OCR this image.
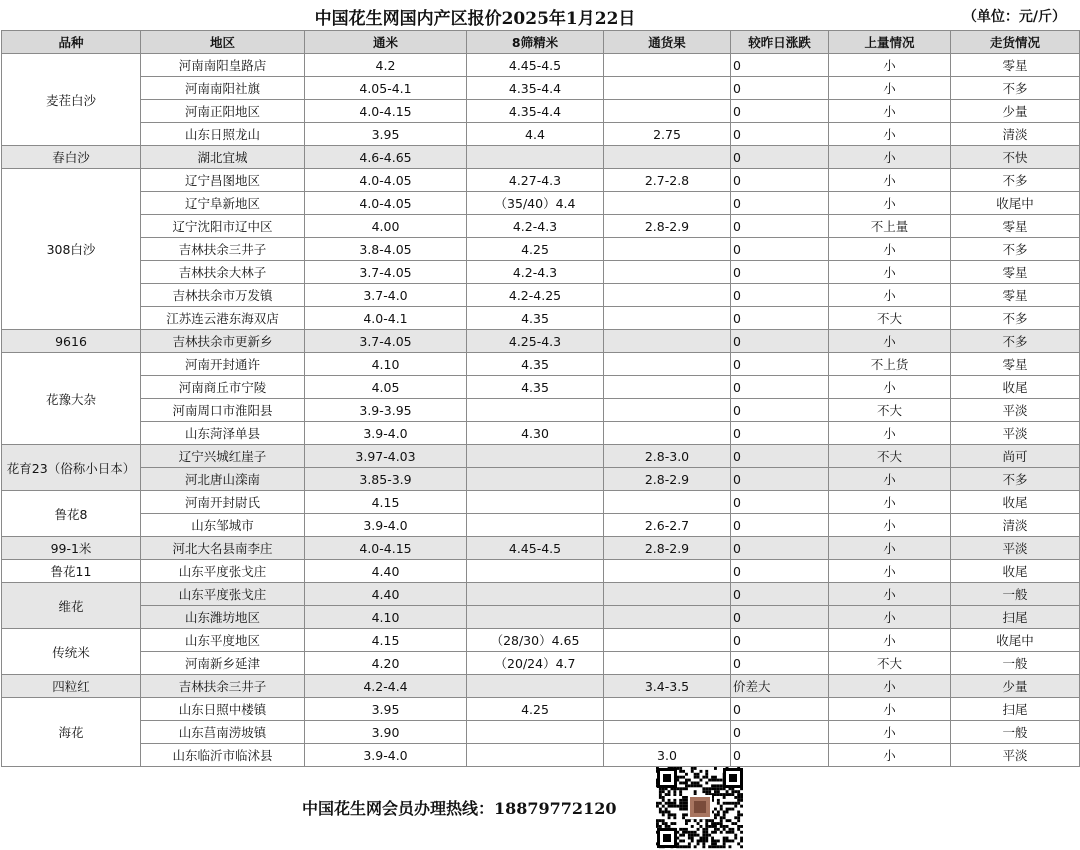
中国花生网国内产区报价2025年1月22日	（单位：元/斤）
品种	地区	通米	8筛精米	通货果	较昨日涨跌	上量情况	走货情况
麦茬白沙	河南南阳皇路店	4.2	4.45-4.5		0	小	零星
	河南南阳社旗	4.05-4.1	4.35-4.4		0	小	不多
	河南正阳地区	4.0-4.15	4.35-4.4		0	小	少量
	山东日照龙山	3.95	4.4	2.75	0	小	清淡
春白沙	湖北宜城	4.6-4.65			0	小	不快
308白沙	辽宁昌图地区	4.0-4.05	4.27-4.3	2.7-2.8	0	小	不多
	辽宁阜新地区	4.0-4.05	（35/40）4.4		0	小	收尾中
	辽宁沈阳市辽中区	4.00	4.2-4.3	2.8-2.9	0	不上量	零星
	吉林扶余三井子	3.8-4.05	4.25		0	小	不多
	吉林扶余大林子	3.7-4.05	4.2-4.3		0	小	零星
	吉林扶余市万发镇	3.7-4.0	4.2-4.25		0	小	零星
	江苏连云港东海双店	4.0-4.1	4.35		0	不大	不多
9616	吉林扶余市更新乡	3.7-4.05	4.25-4.3		0	小	不多
花豫大杂	河南开封通许	4.10	4.35		0	不上货	零星
	河南商丘市宁陵	4.05	4.35		0	小	收尾
	河南周口市淮阳县	3.9-3.95			0	不大	平淡
	山东菏泽单县	3.9-4.0	4.30		0	小	平淡
花育23（俗称小日本）	辽宁兴城红崖子	3.97-4.03		2.8-3.0	0	不大	尚可
	河北唐山滦南	3.85-3.9		2.8-2.9	0	小	不多
鲁花8	河南开封尉氏	4.15			0	小	收尾
	山东邹城市	3.9-4.0		2.6-2.7	0	小	清淡
99-1米	河北大名县南李庄	4.0-4.15	4.45-4.5	2.8-2.9	0	小	平淡
鲁花11	山东平度张戈庄	4.40			0	小	收尾
维花	山东平度张戈庄	4.40			0	小	一般
	山东潍坊地区	4.10			0	小	扫尾
传统米	山东平度地区	4.15	（28/30）4.65		0	小	收尾中
	河南新乡延津	4.20	（20/24）4.7		0	不大	一般
四粒红	吉林扶余三井子	4.2-4.4		3.4-3.5	价差大	小	少量
海花	山东日照中楼镇	3.95	4.25		0	小	扫尾
	山东莒南涝坡镇	3.90			0	小	一般
	山东临沂市临沭县	3.9-4.0		3.0	0	小	平淡
中国花生网会员办理热线：18879772120
